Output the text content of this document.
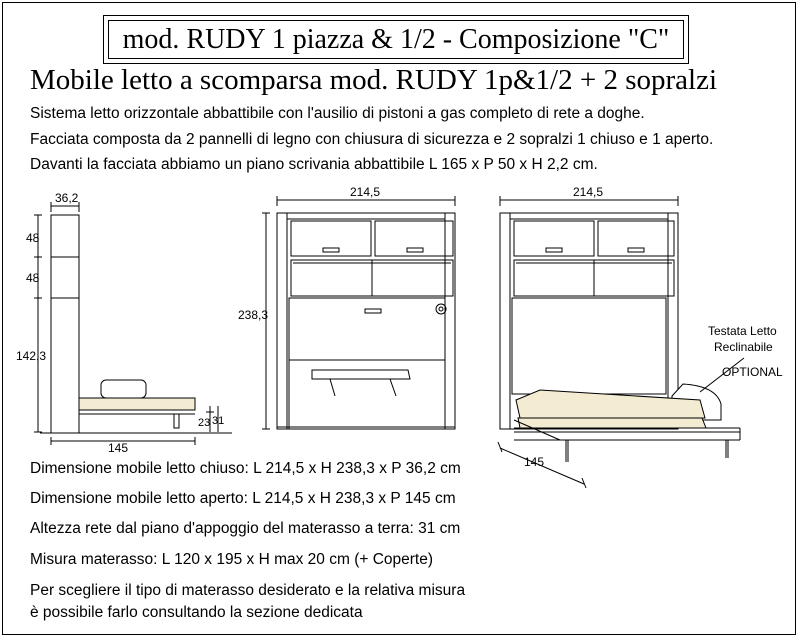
mod. RUDY 1 piazza & 1/2 - Composizione "C"
Mobile letto a scomparsa mod. RUDY 1p&1/2 + 2 sopralzi
Sistema letto orizzontale abbattibile con l'ausilio di pistoni a gas completo di rete a doghe.
Facciata composta da 2 pannelli di legno con chiusura di sicurezza e 2 sopralzi 1 chiuso e 1 aperto.
Davanti la facciata abbiamo un piano scrivania abbattibile L 165 x P 50 x H 2,2 cm.
36,2
48
48
142,3
145
23 31
214,5
238,3
214,5
145
Testata Letto
Reclinabile
OPTIONAL
Dimensione mobile letto chiuso: L 214,5 x H 238,3 x P 36,2 cm
Dimensione mobile letto aperto: L 214,5 x H 238,3 x P 145 cm
Altezza rete dal piano d'appoggio del materasso a terra: 31 cm
Misura materasso: L 120 x 195 x H max 20 cm (+ Coperte)
Per scegliere il tipo di materasso desiderato e la relativa misura
è possibile farlo consultando la sezione dedicata
